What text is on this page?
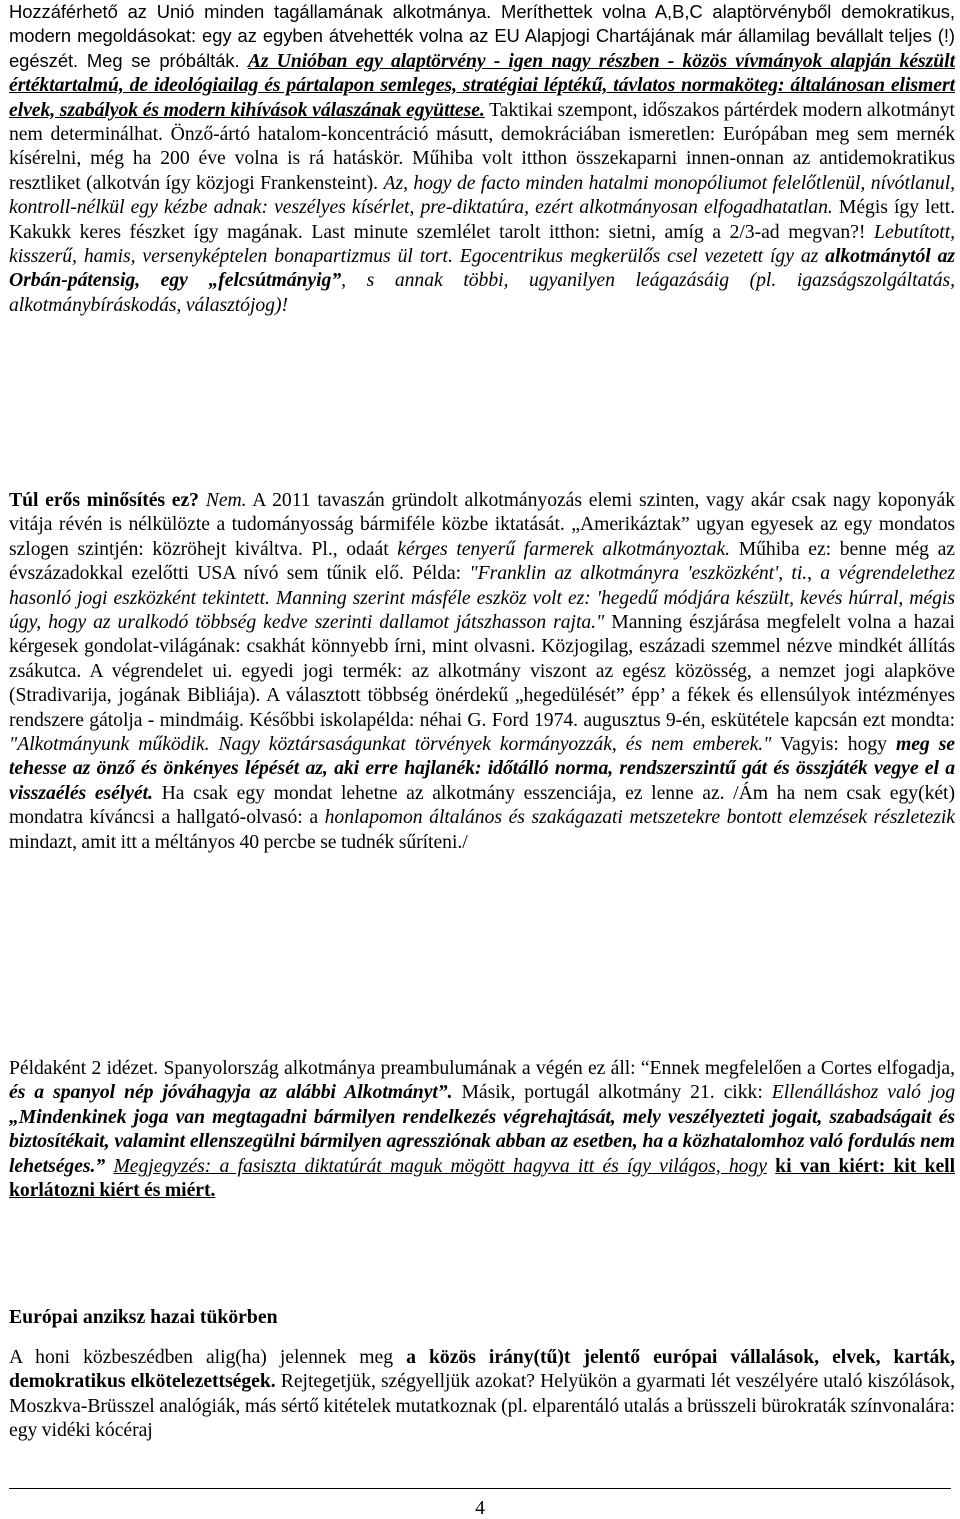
Hozzáférhető az Unió minden tagállamának alkotmánya. Meríthettek volna A,B,C alaptörvényből demokratikus, modern megoldásokat: egy az egyben átvehették volna az EU Alapjogi Chartájának már államilag bevállalt teljes (!) egészét. Meg se próbálták. Az Unióban egy alaptörvény - igen nagy részben - közös vívmányok alapján készült értéktartalmú, de ideológiailag és pártalapon semleges, stratégiai léptékű, távlatos normaköteg: általánosan elismert elvek, szabályok és modern kihívások válaszának együttese. Taktikai szempont, időszakos pártérdek modern alkotmányt nem determinálhat. Önző-ártó hatalom-koncentráció másutt, demokráciában ismeretlen: Európában meg sem mernék kísérelni, még ha 200 éve volna is rá hatáskör. Műhiba volt itthon összekaparni innen-onnan az antidemokratikus resztliket (alkotván így közjogi Frankensteint). Az, hogy de facto minden hatalmi monopóliumot felelőtlenül, nívótlanul, kontroll-nélkül egy kézbe adnak: veszélyes kísérlet, pre-diktatúra, ezért alkotmányosan elfogadhatatlan. Mégis így lett. Kakukk keres fészket így magának. Last minute szemlélet tarolt itthon: sietni, amíg a 2/3-ad megvan?! Lebutított, kisszerű, hamis, versenyképtelen bonapartizmus ül tort. Egocentrikus megkerülős csel vezetett így az alkotmánytól az Orbán-pátensig, egy „felcsútmányig”, s annak többi, ugyanilyen leágazásáig (pl. igazságszolgáltatás, alkotmánybíráskodás, választójog)!

Túl erős minősítés ez? Nem. A 2011 tavaszán gründolt alkotmányozás elemi szinten, vagy akár csak nagy koponyák vitája révén is nélkülözte a tudományosság bármiféle közbe iktatását. „Amerikáztak” ugyan egyesek az egy mondatos szlogen szintjén: közröhejt kiváltva. Pl., odaát kérges tenyerű farmerek alkotmányoztak. Műhiba ez: benne még az évszázadokkal ezelőtti USA nívó sem tűnik elő. Példa: "Franklin az alkotmányra 'eszközként', ti., a végrendelethez hasonló jogi eszközként tekintett. Manning szerint másféle eszköz volt ez: 'hegedű módjára készült, kevés húrral, mégis úgy, hogy az uralkodó többség kedve szerinti dallamot játszhasson rajta." Manning észjárása megfelelt volna a hazai kérgesek gondolat-világának: csakhát könnyebb írni, mint olvasni. Közjogilag, eszázadi szemmel nézve mindkét állítás zsákutca. A végrendelet ui. egyedi jogi termék: az alkotmány viszont az egész közösség, a nemzet jogi alapköve (Stradivarija, jogának Bibliája). A választott többség önérdekű „hegedülését” épp’ a fékek és ellensúlyok intézményes rendszere gátolja - mindmáig. Későbbi iskolapélda: néhai G. Ford 1974. augusztus 9-én, eskütétele kapcsán ezt mondta: "Alkotmányunk működik. Nagy köztársaságunkat törvények kormányozzák, és nem emberek." Vagyis: hogy meg se tehesse az önző és önkényes lépését az, aki erre hajlanék: időtálló norma, rendszerszintű gát és összjáték vegye el a visszaélés esélyét. Ha csak egy mondat lehetne az alkotmány esszenciája, ez lenne az. /Ám ha nem csak egy(két) mondatra kíváncsi a hallgató-olvasó: a honlapomon általános és szakágazati metszetekre bontott elemzések részletezik mindazt, amit itt a méltányos 40 percbe se tudnék sűríteni./

Példaként 2 idézet. Spanyolország alkotmánya preambulumának a végén ez áll: “Ennek megfelelően a Cortes elfogadja, és a spanyol nép jóváhagyja az alábbi Alkotmányt”. Másik, portugál alkotmány 21. cikk: Ellenálláshoz való jog „Mindenkinek joga van megtagadni bármilyen rendelkezés végrehajtását, mely veszélyezteti jogait, szabadságait és biztosítékait, valamint ellenszegülni bármilyen agressziónak abban az esetben, ha a közhatalomhoz való fordulás nem lehetséges.” Megjegyzés: a fasiszta diktatúrát maguk mögött hagyva itt és így világos, hogy ki van kiért: kit kell korlátozni kiért és miért.

Európai anziksz hazai tükörben

A honi közbeszédben alig(ha) jelennek meg a közös irány(tű)t jelentő európai vállalások, elvek, karták, demokratikus elkötelezettségek. Rejtegetjük, szégyelljük azokat? Helyükön a gyarmati lét veszélyére utaló kiszólások, Moszkva-Brüsszel analógiák, más sértő kitételek mutatkoznak (pl. elparentáló utalás a brüsszeli bürokraták színvonalára: egy vidéki kócéraj

4
